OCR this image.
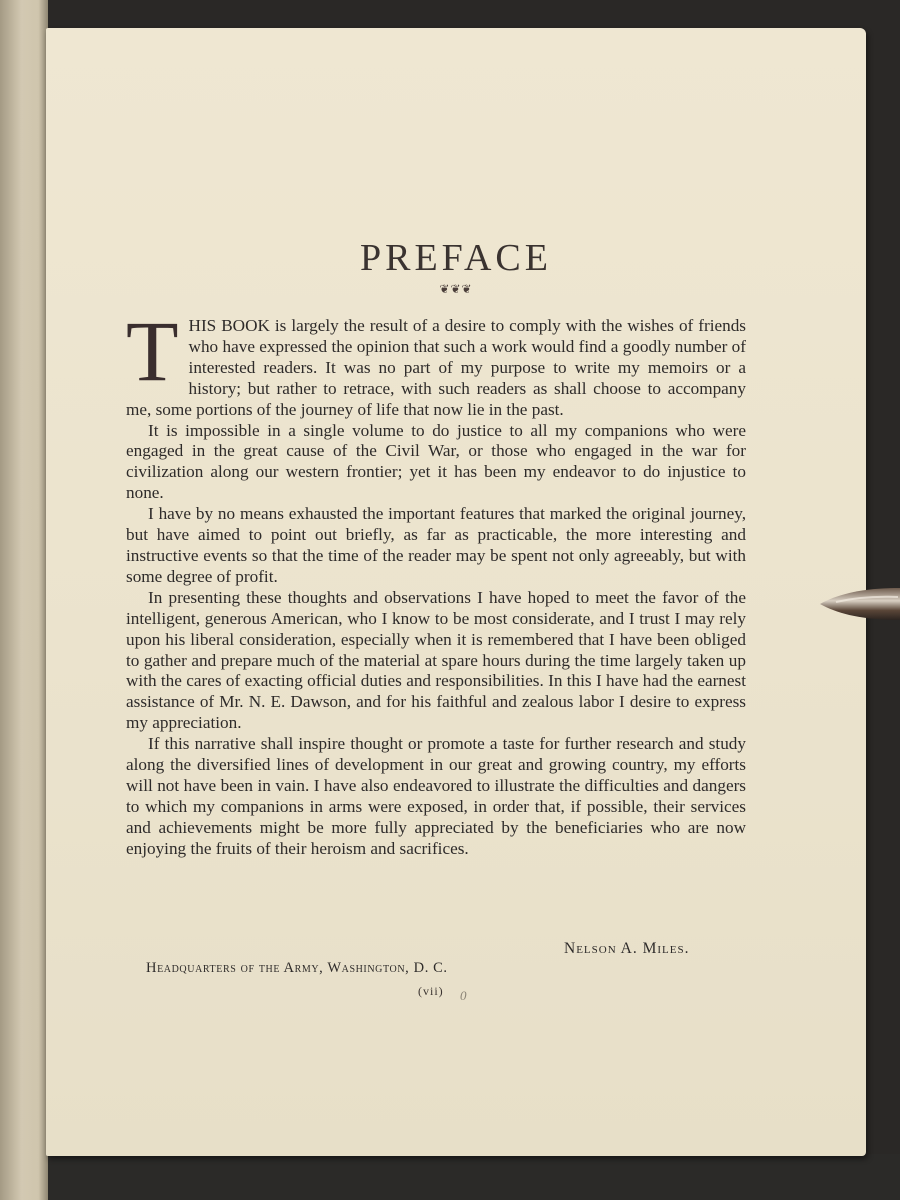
PREFACE
❦❦❦

THIS BOOK is largely the result of a desire to comply with the wishes of friends who have expressed the opinion that such a work would find a goodly number of interested readers. It was no part of my purpose to write my memoirs or a history; but rather to retrace, with such readers as shall choose to accompany me, some portions of the journey of life that now lie in the past.

It is impossible in a single volume to do justice to all my companions who were engaged in the great cause of the Civil War, or those who engaged in the war for civilization along our western frontier; yet it has been my endeavor to do injustice to none.

I have by no means exhausted the important features that marked the original journey, but have aimed to point out briefly, as far as practicable, the more interesting and instructive events so that the time of the reader may be spent not only agreeably, but with some degree of profit.

In presenting these thoughts and observations I have hoped to meet the favor of the intelligent, generous American, who I know to be most considerate, and I trust I may rely upon his liberal consideration, especially when it is remembered that I have been obliged to gather and prepare much of the material at spare hours during the time largely taken up with the cares of exacting official duties and responsibilities. In this I have had the earnest assistance of Mr. N. E. Dawson, and for his faithful and zealous labor I desire to express my appreciation.

If this narrative shall inspire thought or promote a taste for further research and study along the diversified lines of development in our great and growing country, my efforts will not have been in vain. I have also endeavored to illustrate the difficulties and dangers to which my companions in arms were exposed, in order that, if possible, their services and achievements might be more fully appreciated by the beneficiaries who are now enjoying the fruits of their heroism and sacrifices.

Nelson A. Miles.
Headquarters of the Army, Washington, D. C.
(vii) 0
